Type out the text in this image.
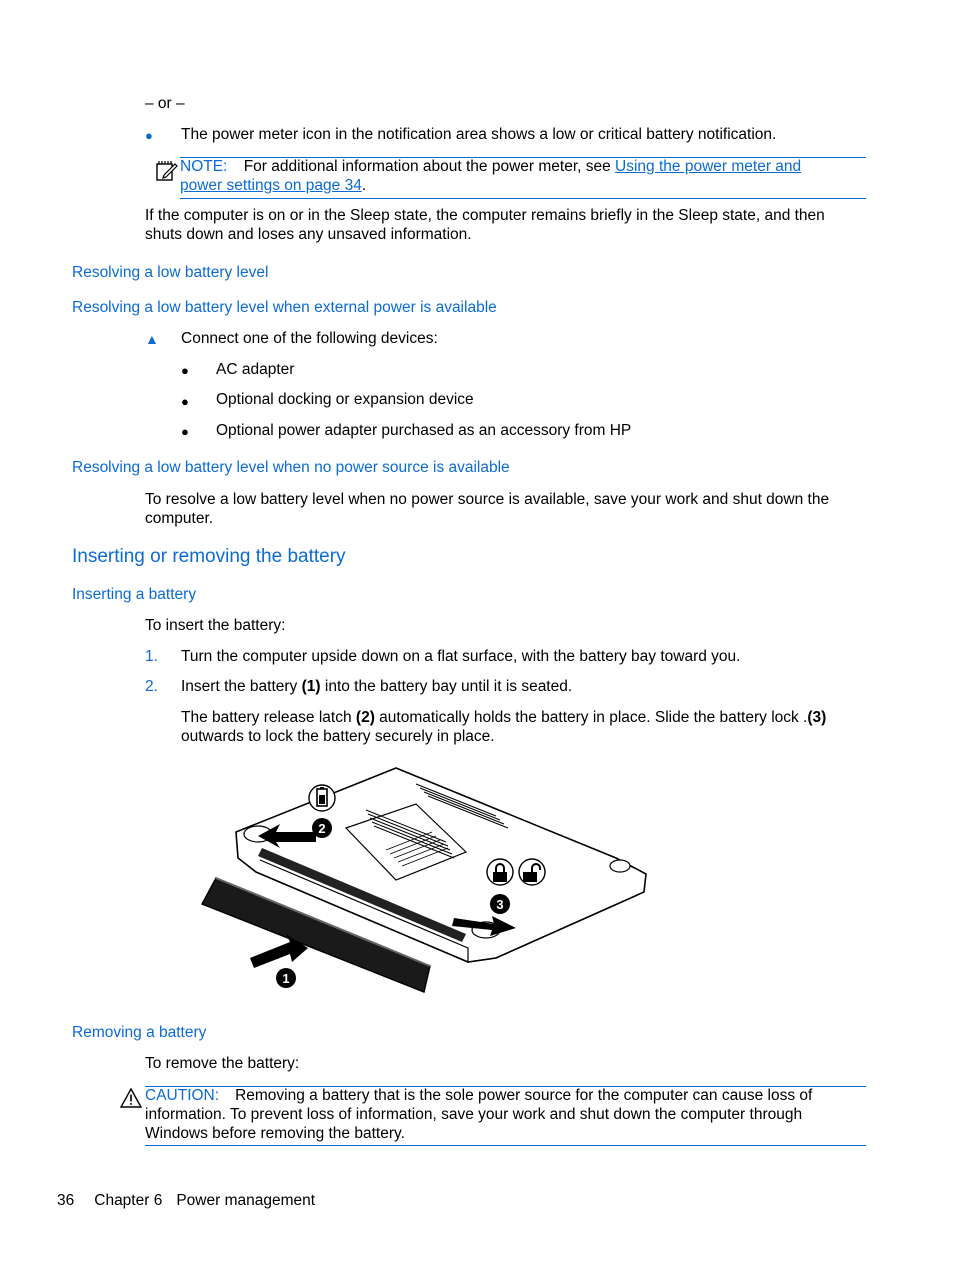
– or –
● The power meter icon in the notification area shows a low or critical battery notification.
NOTE: For additional information about the power meter, see Using the power meter and
power settings on page 34.
If the computer is on or in the Sleep state, the computer remains briefly in the Sleep state, and then
shuts down and loses any unsaved information.
Resolving a low battery level
Resolving a low battery level when external power is available
▲ Connect one of the following devices:
● AC adapter
● Optional docking or expansion device
● Optional power adapter purchased as an accessory from HP
Resolving a low battery level when no power source is available
To resolve a low battery level when no power source is available, save your work and shut down the
computer.
Inserting or removing the battery
Inserting a battery
To insert the battery:
1. Turn the computer upside down on a flat surface, with the battery bay toward you.
2. Insert the battery (1) into the battery bay until it is seated.
The battery release latch (2) automatically holds the battery in place. Slide the battery lock .(3)
outwards to lock the battery securely in place.
1
2
3
Removing a battery
To remove the battery:
CAUTION: Removing a battery that is the sole power source for the computer can cause loss of
information. To prevent loss of information, save your work and shut down the computer through
Windows before removing the battery.
36 Chapter 6 Power management
